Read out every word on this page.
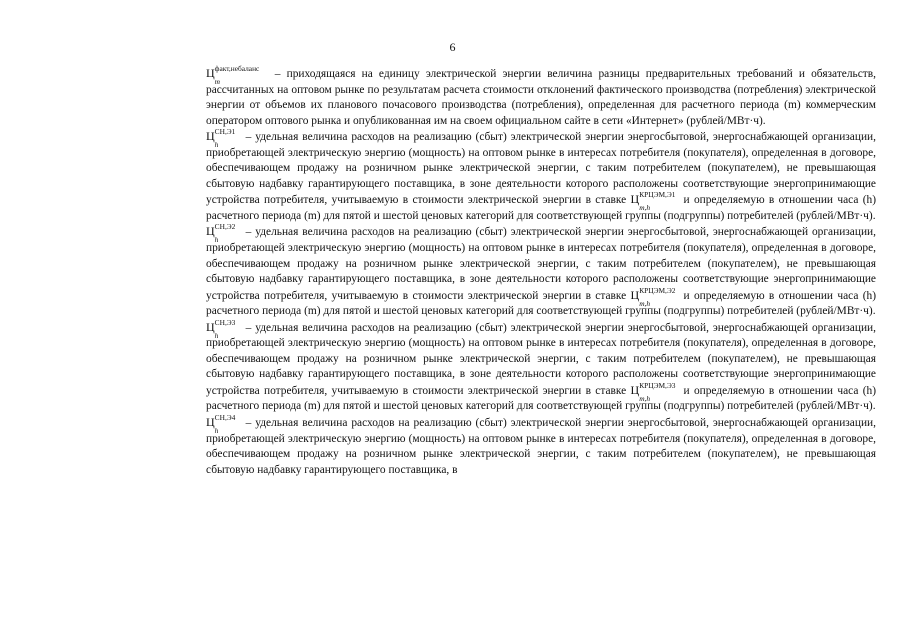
6

Ц факт,небаланс
m
– приходящаяся на единицу электрической энергии величина разницы предварительных требований и обязательств, рассчитанных на оптовом рынке по результатам расчета стоимости отклонений фактического производства (потребления) электрической энергии от объемов их планового почасового производства (потребления), определенная для расчетного периода (m) коммерческим оператором оптового рынка и опубликованная им на своем официальном сайте в сети «Интернет» (рублей/МВт·ч).

Ц СН,Э1
h
– удельная величина расходов на реализацию (сбыт) электрической энергии энергосбытовой, энергоснабжающей организации, приобретающей электрическую энергию (мощность) на оптовом рынке в интересах потребителя (покупателя), определенная в договоре, обеспечивающем продажу на розничном рынке электрической энергии, с таким потребителем (покупателем), не превышающая сбытовую надбавку гарантирующего поставщика, в зоне деятельности которого расположены соответствующие энергопринимающие устройства потребителя, учитываемую в стоимости электрической энергии в ставке Ц КРЦЭМ,Э1
m,h
и определяемую в отношении часа (h) расчетного периода (m) для пятой и шестой ценовых категорий для соответствующей группы (подгруппы) потребителей (рублей/МВт·ч).

Ц СН,Э2
h
– удельная величина расходов на реализацию (сбыт) электрической энергии энергосбытовой, энергоснабжающей организации, приобретающей электрическую энергию (мощность) на оптовом рынке в интересах потребителя (покупателя), определенная в договоре, обеспечивающем продажу на розничном рынке электрической энергии, с таким потребителем (покупателем), не превышающая сбытовую надбавку гарантирующего поставщика, в зоне деятельности которого расположены соответствующие энергопринимающие устройства потребителя, учитываемую в стоимости электрической энергии в ставке Ц КРЦЭМ,Э2
m,h
и определяемую в отношении часа (h) расчетного периода (m) для пятой и шестой ценовых категорий для соответствующей группы (подгруппы) потребителей (рублей/МВт·ч).

Ц СН,Э3
h
– удельная величина расходов на реализацию (сбыт) электрической энергии энергосбытовой, энергоснабжающей организации, приобретающей электрическую энергию (мощность) на оптовом рынке в интересах потребителя (покупателя), определенная в договоре, обеспечивающем продажу на розничном рынке электрической энергии, с таким потребителем (покупателем), не превышающая сбытовую надбавку гарантирующего поставщика, в зоне деятельности которого расположены соответствующие энергопринимающие устройства потребителя, учитываемую в стоимости электрической энергии в ставке Ц КРЦЭМ,Э3
m,h
и определяемую в отношении часа (h) расчетного периода (m) для пятой и шестой ценовых категорий для соответствующей группы (подгруппы) потребителей (рублей/МВт·ч).

Ц СН,Э4
h
– удельная величина расходов на реализацию (сбыт) электрической энергии энергосбытовой, энергоснабжающей организации, приобретающей электрическую энергию (мощность) на оптовом рынке в интересах потребителя (покупателя), определенная в договоре, обеспечивающем продажу на розничном рынке электрической энергии, с таким потребителем (покупателем), не превышающая сбытовую надбавку гарантирующего поставщика, в
